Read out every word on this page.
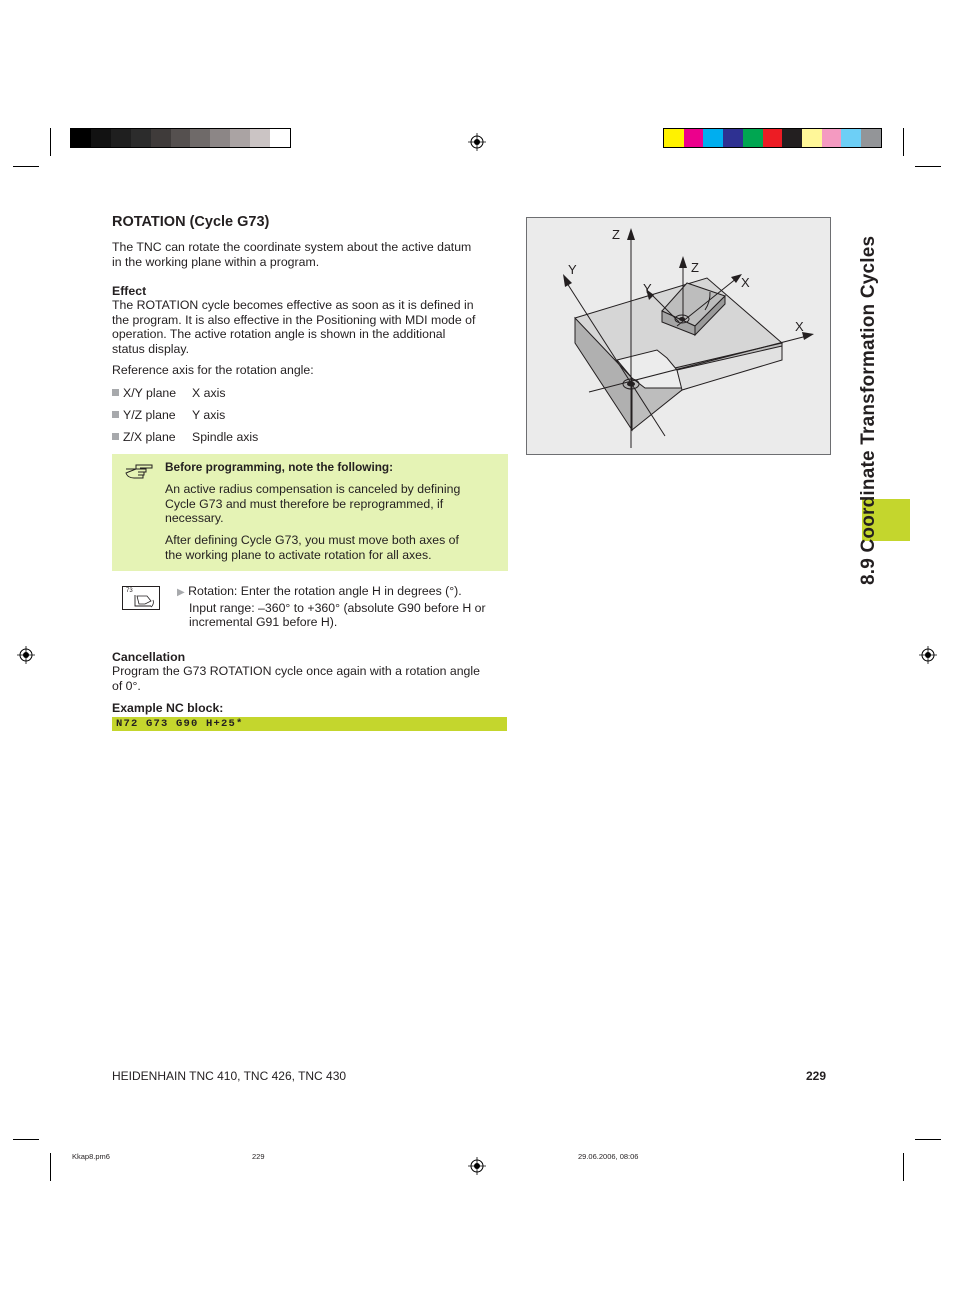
8.9 Coordinate Transformation Cycles
ROTATION (Cycle G73)
The TNC can rotate the coordinate system about the active datum
in the working plane within a program.
Effect
The ROTATION cycle becomes effective as soon as it is defined in
the program. It is also effective in the Positioning with MDI mode of
operation. The active rotation angle is shown in the additional
status display.
Reference axis for the rotation angle:
X/Y plane X axis
Y/Z plane Y axis
Z/X plane Spindle axis
Before programming, note the following:
An active radius compensation is canceled by defining
Cycle G73 and must therefore be reprogrammed, if
necessary.
After defining Cycle G73, you must move both axes of
the working plane to activate rotation for all axes.
73	▶ Rotation: Enter the rotation angle H in degrees (°).
Input range: –360° to +360° (absolute G90 before H or
incremental G91 before H).
Cancellation
Program the G73 ROTATION cycle once again with a rotation angle
of 0°.
Example NC block:
N72 G73 G90 H+25*
Z
Y
X
Z
Y	X
HEIDENHAIN TNC 410, TNC 426, TNC 430	229
Kkap8.pm6	229	29.06.2006, 08:06
